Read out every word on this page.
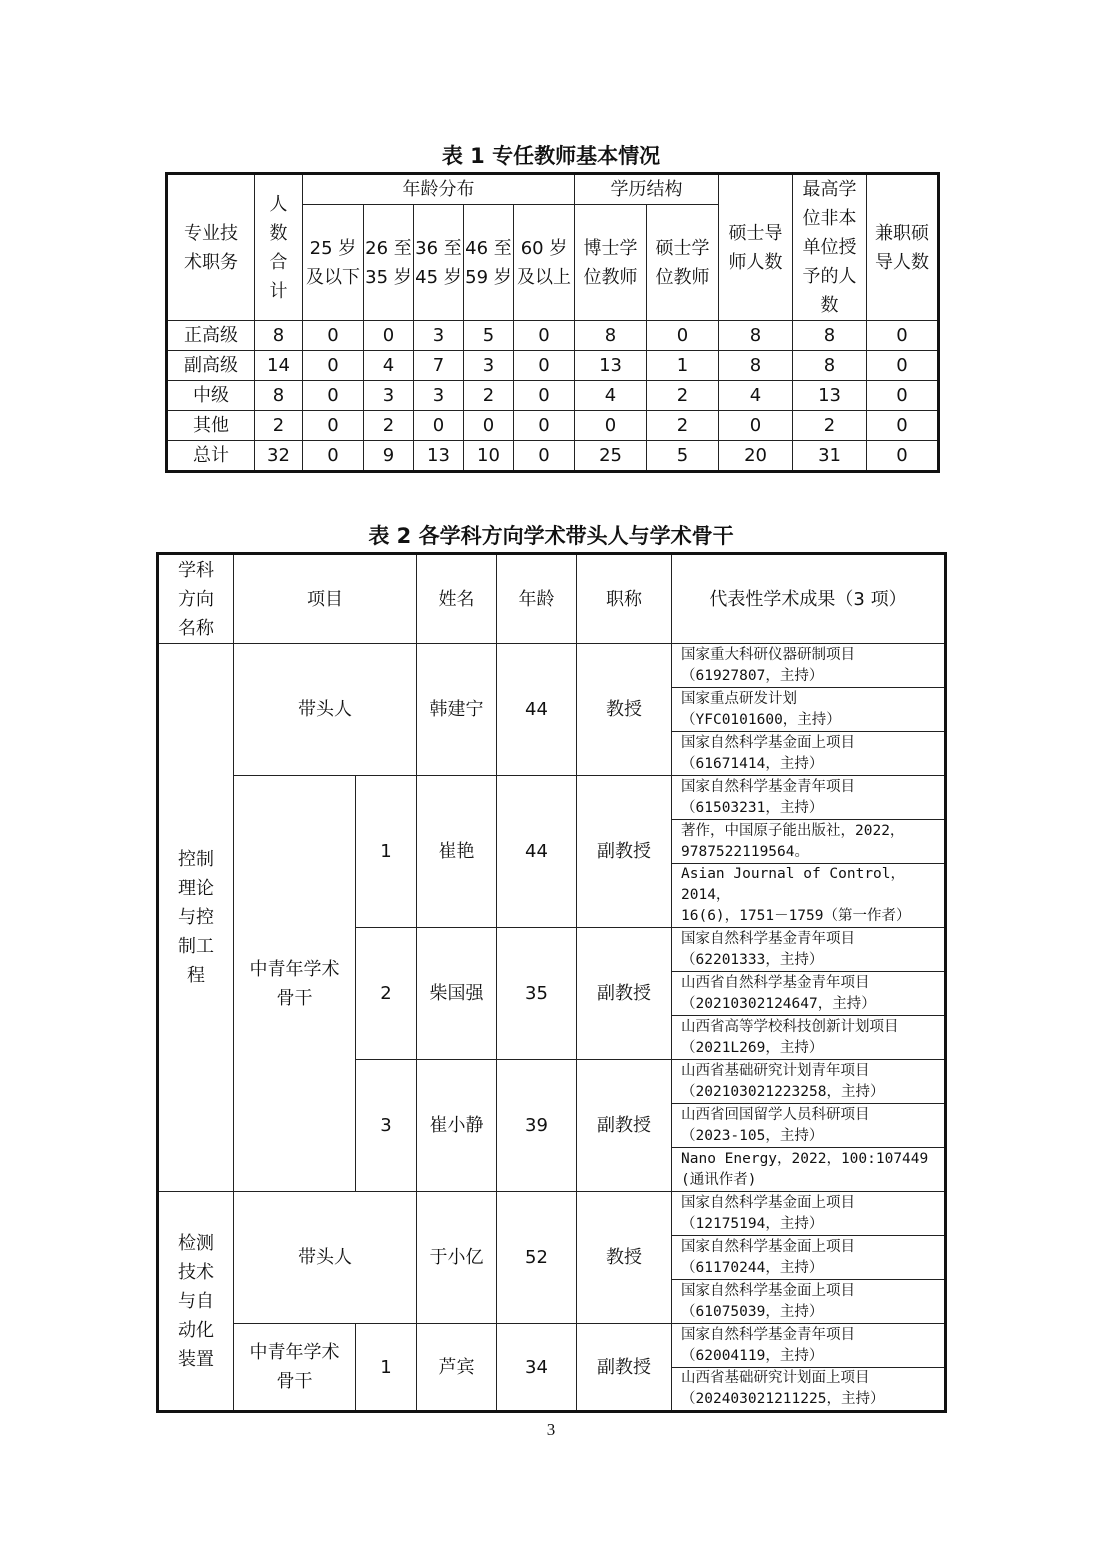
表 1 专任教师基本情况
专业技术职务	人数合计	年龄分布					学历结构		硕士导师人数	最高学位非本单位授予的人数	兼职硕导人数
		25 岁及以下	26 至35 岁	36 至45 岁	46 至59 岁	60 岁及以上	博士学位教师	硕士学位教师			
正高级	8	0	0	3	5	0	8	0	8	8	0
副高级	14	0	4	7	3	0	13	1	8	8	0
中级	8	0	3	3	2	0	4	2	4	13	0
其他	2	0	2	0	0	0	0	2	0	2	0
总计	32	0	9	13	10	0	25	5	20	31	0
表 2 各学科方向学术带头人与学术骨干
学科方向名称	项目		姓名	年龄	职称	代表性学术成果（3 项）
控制理论与控制工程	带头人		韩建宁	44	教授	国家重大科研仪器研制项目
（61927807，主持）
						国家重点研发计划
（YFC0101600，主持）
						国家自然科学基金面上项目
（61671414，主持）
	中青年学术骨干	1	崔艳	44	副教授	国家自然科学基金青年项目
（61503231，主持）
						著作，中国原子能出版社，2022，
9787522119564。
						Asian Journal of Control，2014，
16(6)，1751－1759（第一作者）
		2	柴国强	35	副教授	国家自然科学基金青年项目
（62201333，主持）
						山西省自然科学基金青年项目
（20210302124647，主持）
						山西省高等学校科技创新计划项目
（2021L269，主持）
		3	崔小静	39	副教授	山西省基础研究计划青年项目
（202103021223258，主持）
						山西省回国留学人员科研项目
（2023-105，主持）
						Nano Energy，2022，100:107449
(通讯作者)
检测技术与自动化装置	带头人		于小亿	52	教授	国家自然科学基金面上项目
（12175194，主持）
						国家自然科学基金面上项目
（61170244，主持）
						国家自然科学基金面上项目
（61075039，主持）
	中青年学术骨干	1	芦宾	34	副教授	国家自然科学基金青年项目
（62004119，主持）
						山西省基础研究计划面上项目
（202403021211225，主持）
3
